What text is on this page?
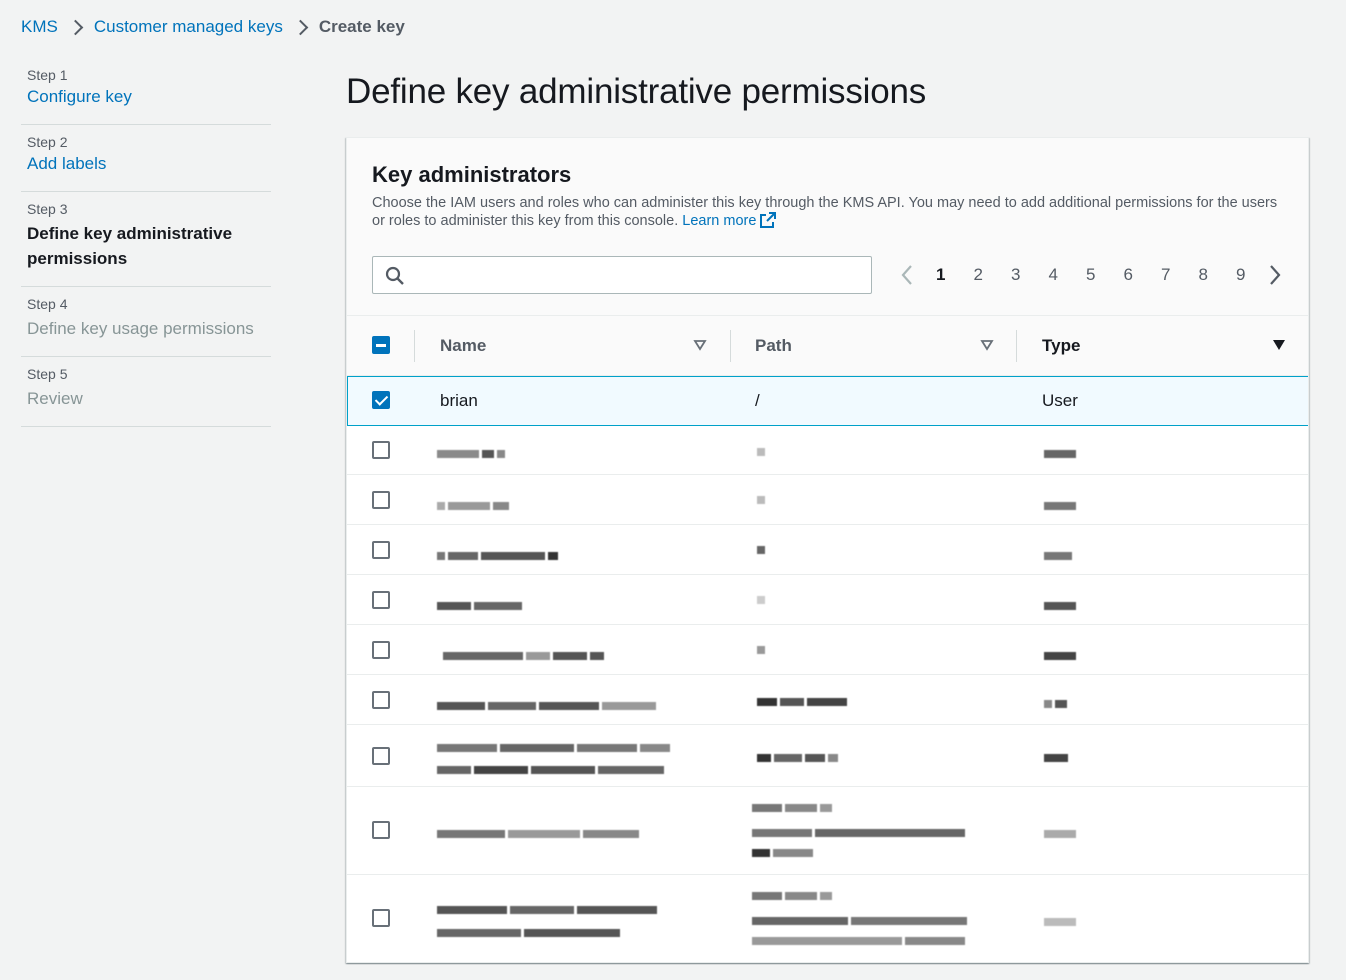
KMS Customer managed keys Create key
Step 1
Configure key
Step 2
Add labels
Step 3
Define key administrative permissions
Step 4
Define key usage permissions
Step 5
Review
Define key administrative permissions
Key administrators

Choose the IAM users and roles who can administer this key through the KMS API. You may need to add additional permissions for the users or roles to administer this key from this console. Learn more

1	2	3	4	5	6	7	8	9
Name	Path	Type
brian	/	User
